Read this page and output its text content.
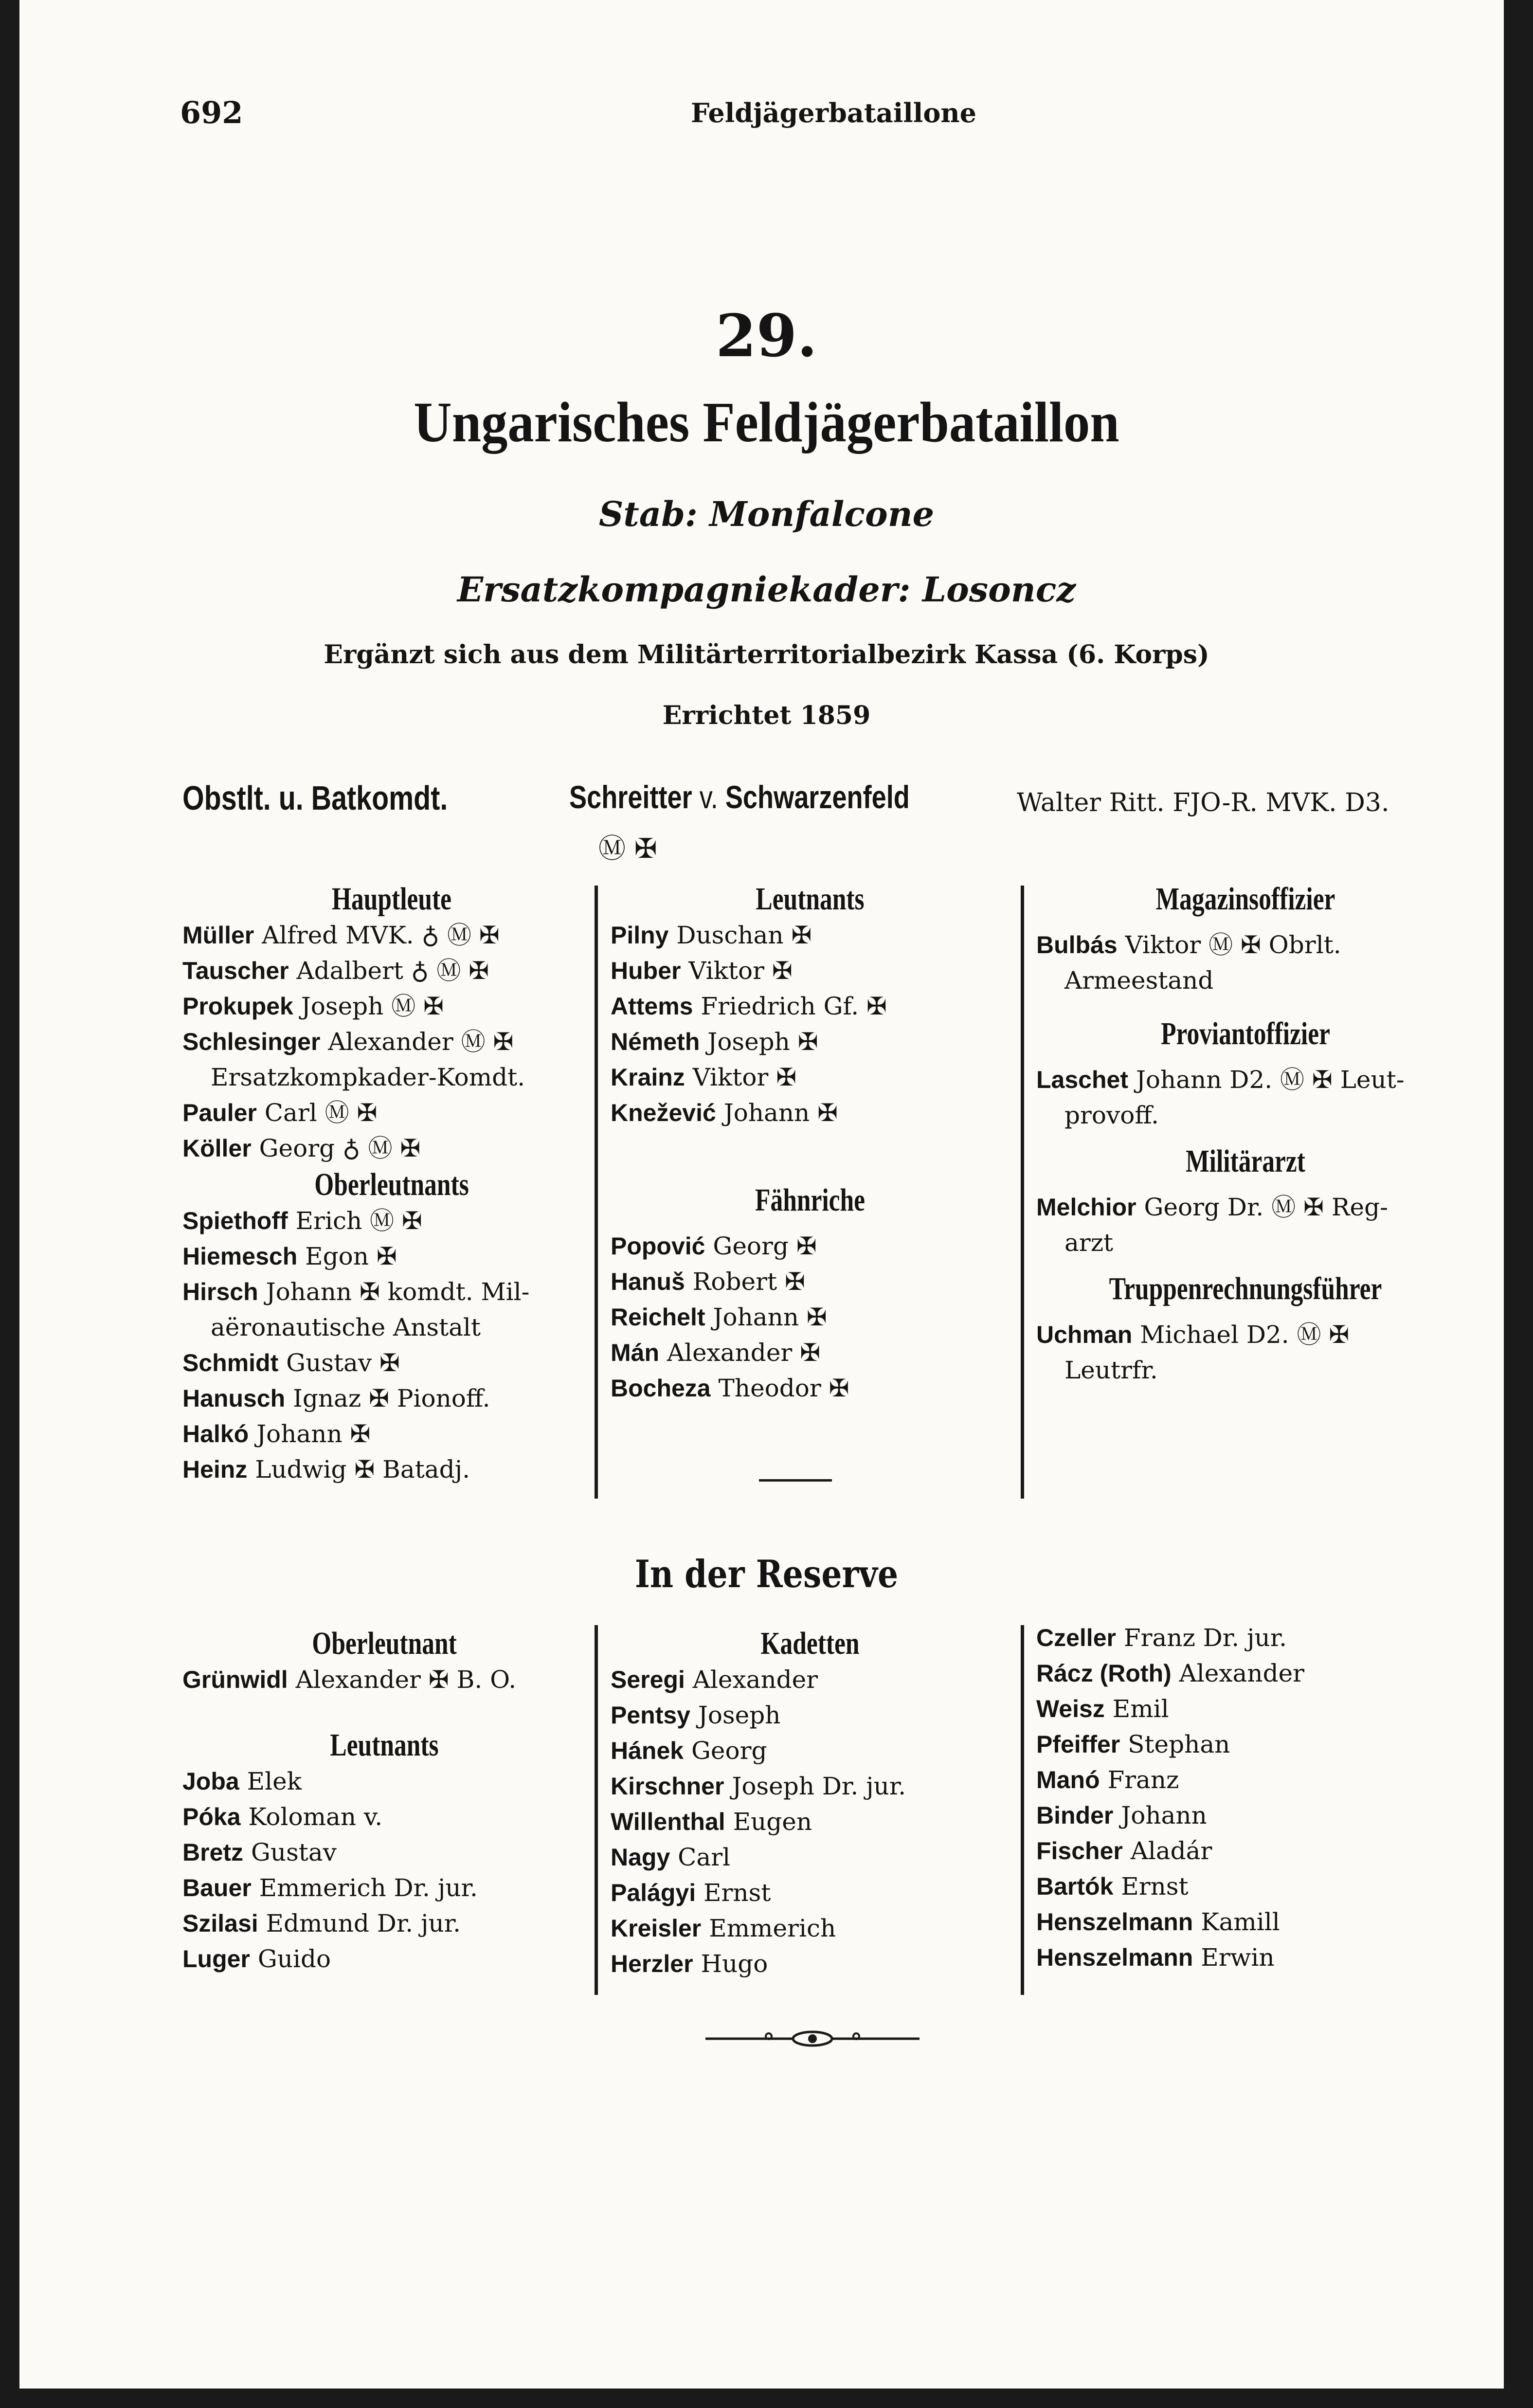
692	Feldjägerbataillone
29.
Ungarisches Feldjägerbataillon
Stab: Monfalcone
Ersatzkompagniekader: Losoncz
Ergänzt sich aus dem Militärterritorialbezirk Kassa (6. Korps)
Errichtet 1859
Obstlt. u. Batkomdt.	Schreitter v. Schwarzenfeld	Walter Ritt. FJO-R. MVK. D3.
Ⓜ ✠
Hauptleute
Müller Alfred MVK. ♁ Ⓜ ✠
Tauscher Adalbert ♁ Ⓜ ✠
Prokupek Joseph Ⓜ ✠
Schlesinger Alexander Ⓜ ✠
Ersatzkompkader-Komdt.
Pauler Carl Ⓜ ✠
Köller Georg ♁ Ⓜ ✠
Oberleutnants
Spiethoff Erich Ⓜ ✠
Hiemesch Egon ✠
Hirsch Johann ✠ komdt. Mil-
aëronautische Anstalt
Schmidt Gustav ✠
Hanusch Ignaz ✠ Pionoff.
Halkó Johann ✠
Heinz Ludwig ✠ Batadj.
Leutnants
Pilny Duschan ✠
Huber Viktor ✠
Attems Friedrich Gf. ✠
Németh Joseph ✠
Krainz Viktor ✠
Knežević Johann ✠
Fähnriche
Popović Georg ✠
Hanuš Robert ✠
Reichelt Johann ✠
Mán Alexander ✠
Bocheza Theodor ✠
Magazinsoffizier
Bulbás Viktor Ⓜ ✠ Obrlt.
Armeestand
Proviantoffizier
Laschet Johann D2. Ⓜ ✠ Leut-
provoff.
Militärarzt
Melchior Georg Dr. Ⓜ ✠ Reg-
arzt
Truppenrechnungsführer
Uchman Michael D2. Ⓜ ✠
Leutrfr.
In der Reserve
Oberleutnant
Grünwidl Alexander ✠ B. O.
Leutnants
Joba Elek
Póka Koloman v.
Bretz Gustav
Bauer Emmerich Dr. jur.
Szilasi Edmund Dr. jur.
Luger Guido
Kadetten
Seregi Alexander
Pentsy Joseph
Hánek Georg
Kirschner Joseph Dr. jur.
Willenthal Eugen
Nagy Carl
Palágyi Ernst
Kreisler Emmerich
Herzler Hugo
Czeller Franz Dr. jur.
Rácz (Roth) Alexander
Weisz Emil
Pfeiffer Stephan
Manó Franz
Binder Johann
Fischer Aladár
Bartók Ernst
Henszelmann Kamill
Henszelmann Erwin
